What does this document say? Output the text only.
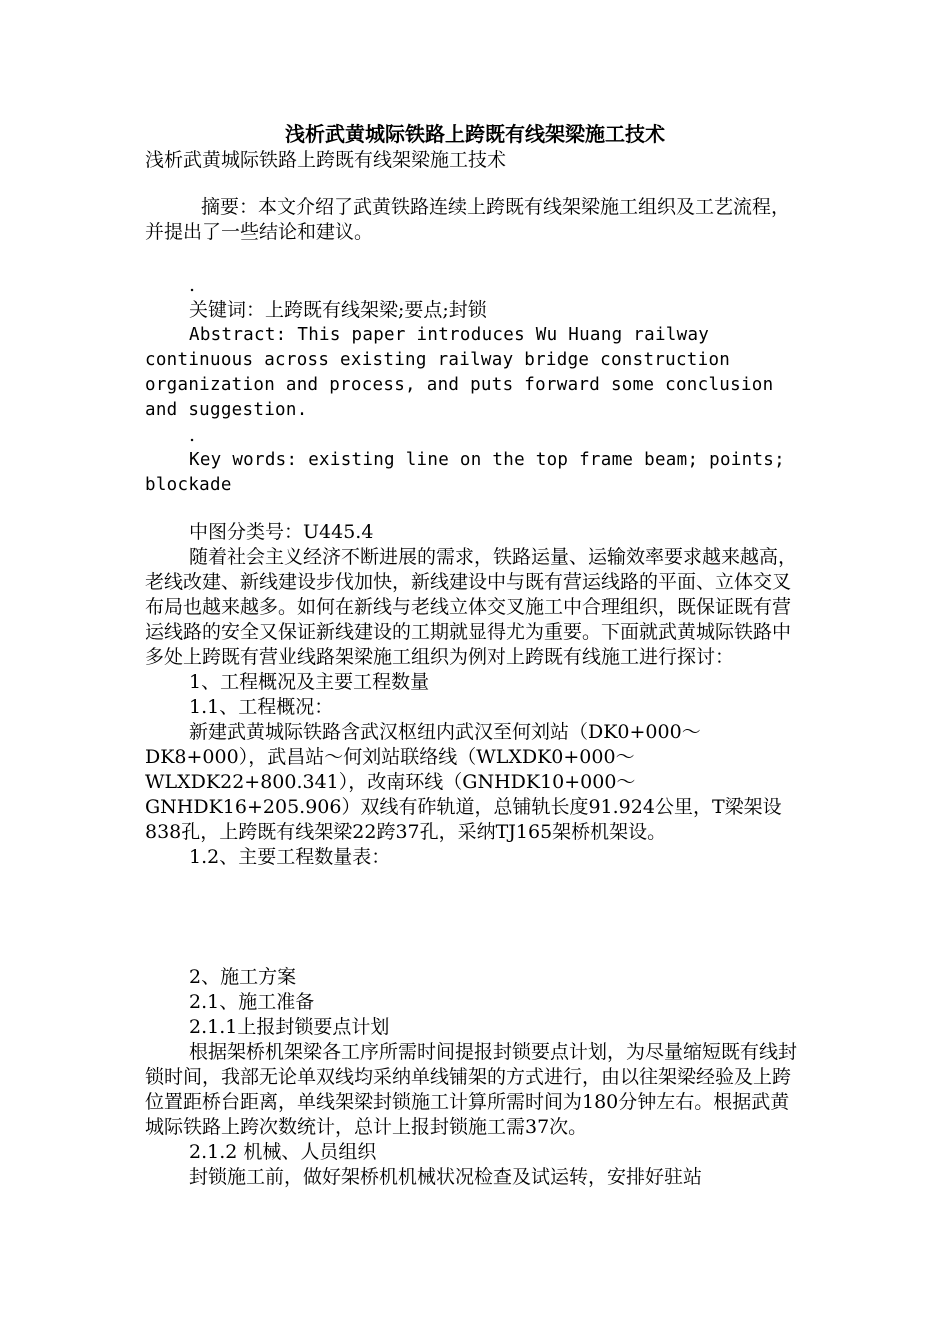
浅析武黄城际铁路上跨既有线架梁施工技术

浅析武黄城际铁路上跨既有线架梁施工技术

摘要：本文介绍了武黄铁路连续上跨既有线架梁施工组织及工艺流程，并提出了一些结论和建议。

.

关键词：上跨既有线架梁;要点;封锁

Abstract: This paper introduces Wu Huang railway continuous across existing railway bridge construction organization and process, and puts forward some conclusion and suggestion.

.

Key words: existing line on the top frame beam; points; blockade

中图分类号：U445.4

随着社会主义经济不断进展的需求，铁路运量、运输效率要求越来越高，老线改建、新线建设步伐加快，新线建设中与既有营运线路的平面、立体交叉布局也越来越多。如何在新线与老线立体交叉施工中合理组织，既保证既有营运线路的安全又保证新线建设的工期就显得尤为重要。下面就武黄城际铁路中多处上跨既有营业线路架梁施工组织为例对上跨既有线施工进行探讨：

1、工程概况及主要工程数量

1.1、工程概况：

新建武黄城际铁路含武汉枢纽内武汉至何刘站（DK0+000～DK8+000），武昌站～何刘站联络线（WLXDK0+000～WLXDK22+800.341），改南环线（GNHDK10+000～GNHDK16+205.906）双线有砟轨道，总铺轨长度91.924公里，T梁架设838孔，上跨既有线架梁22跨37孔，采纳TJ165架桥机架设。

1.2、主要工程数量表：

2、施工方案

2.1、施工准备

2.1.1上报封锁要点计划

根据架桥机架梁各工序所需时间提报封锁要点计划，为尽量缩短既有线封锁时间，我部无论单双线均采纳单线铺架的方式进行，由以往架梁经验及上跨位置距桥台距离，单线架梁封锁施工计算所需时间为180分钟左右。根据武黄城际铁路上跨次数统计，总计上报封锁施工需37次。

2.1.2 机械、人员组织

封锁施工前，做好架桥机机械状况检查及试运转，安排好驻站
